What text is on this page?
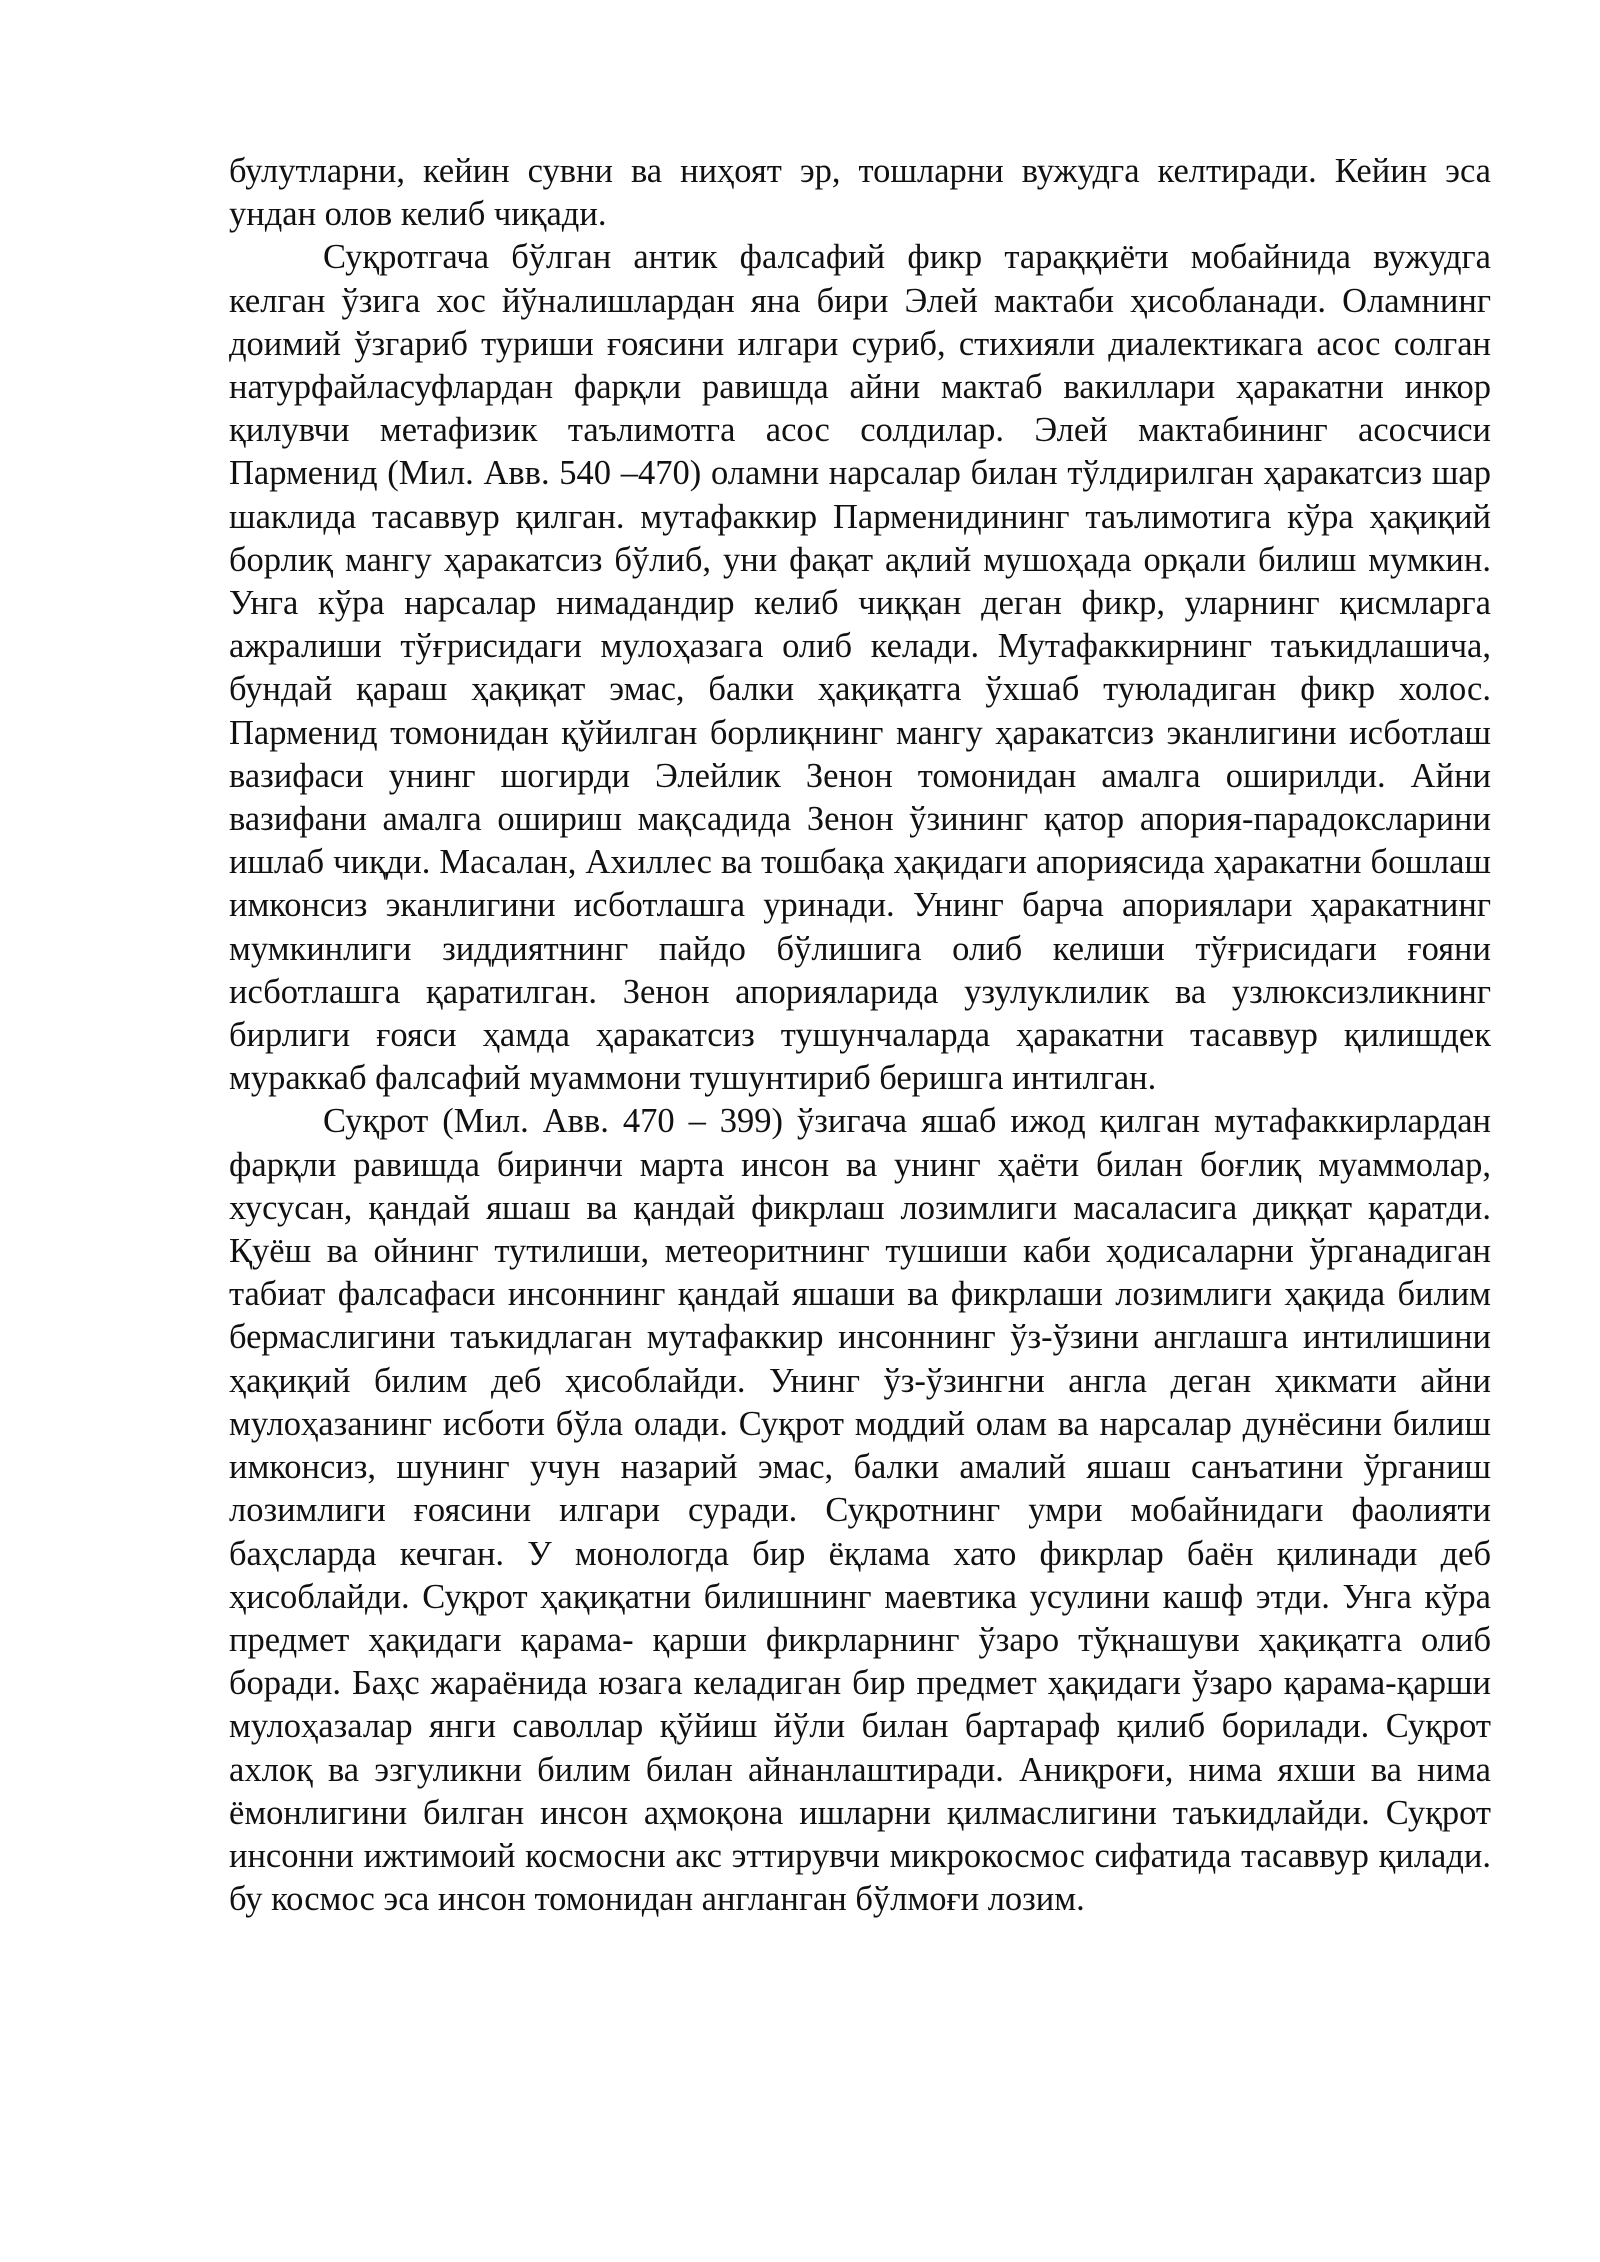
булутларни, кейин сувни ва ниҳоят эр, тошларни вужудга келтиради. Кейин эса ундан олов келиб чиқади.

Суқротгача бўлган антик фалсафий фикр тараққиёти мобайнида вужудга келган ўзига хос йўналишлардан яна бири Элей мактаби ҳисобланади. Оламнинг доимий ўзгариб туриши ғоясини илгари суриб, стихияли диалектикага асос солган натурфайласуфлардан фарқли равишда айни мактаб вакиллари ҳаракатни инкор қилувчи метафизик таълимотга асос солдилар. Элей мактабининг асосчиси Парменид (Мил. Авв. 540 –470) оламни нарсалар билан тўлдирилган ҳаракатсиз шар шаклида тасаввур қилган. мутафаккир Парменидининг таълимотига кўра ҳақиқий борлиқ мангу ҳаракатсиз бўлиб, уни фақат ақлий мушоҳада орқали билиш мумкин. Унга кўра нарсалар нимадандир келиб чиққан деган фикр, уларнинг қисмларга ажралиши тўғрисидаги мулоҳазага олиб келади. Мутафаккирнинг таъкидлашича, бундай қараш ҳақиқат эмас, балки ҳақиқатга ўхшаб туюладиган фикр холос. Парменид томонидан қўйилган борлиқнинг мангу ҳаракатсиз эканлигини исботлаш вазифаси унинг шогирди Элейлик Зенон томонидан амалга оширилди. Айни вазифани амалга ошириш мақсадида Зенон ўзининг қатор апория-парадоксларини ишлаб чиқди. Масалан, Ахиллес ва тошбақа ҳақидаги апориясида ҳаракатни бошлаш имконсиз эканлигини исботлашга уринади. Унинг барча апориялари ҳаракатнинг мумкинлиги зиддиятнинг пайдо бўлишига олиб келиши тўғрисидаги ғояни исботлашга қаратилган. Зенон апорияларида узулуклилик ва узлюксизликнинг бирлиги ғояси ҳамда ҳаракатсиз тушунчаларда ҳаракатни тасаввур қилишдек мураккаб фалсафий муаммони тушунтириб беришга интилган.

Суқрот (Мил. Авв. 470 – 399) ўзигача яшаб ижод қилган мутафаккирлардан фарқли равишда биринчи марта инсон ва унинг ҳаёти билан боғлиқ муаммолар, хусусан, қандай яшаш ва қандай фикрлаш лозимлиги масаласига диққат қаратди. Қуёш ва ойнинг тутилиши, метеоритнинг тушиши каби ҳодисаларни ўрганадиган табиат фалсафаси инсоннинг қандай яшаши ва фикрлаши лозимлиги ҳақида билим бермаслигини таъкидлаган мутафаккир инсоннинг ўз-ўзини англашга интилишини ҳақиқий билим деб ҳисоблайди. Унинг ўз-ўзингни англа деган ҳикмати айни мулоҳазанинг исботи бўла олади. Суқрот моддий олам ва нарсалар дунёсини билиш имконсиз, шунинг учун назарий эмас, балки амалий яшаш санъатини ўрганиш лозимлиги ғоясини илгари суради. Суқротнинг умри мобайнидаги фаолияти баҳсларда кечган. У монологда бир ёқлама хато фикрлар баён қилинади деб ҳисоблайди. Суқрот ҳақиқатни билишнинг маевтика усулини кашф этди. Унга кўра предмет ҳақидаги қарама- қарши фикрларнинг ўзаро тўқнашуви ҳақиқатга олиб боради. Баҳс жараёнида юзага келадиган бир предмет ҳақидаги ўзаро қарама-қарши мулоҳазалар янги саволлар қўйиш йўли билан бартараф қилиб борилади. Суқрот ахлоқ ва эзгуликни билим билан айнанлаштиради. Аниқроғи, нима яхши ва нима ёмонлигини билган инсон аҳмоқона ишларни қилмаслигини таъкидлайди. Суқрот инсонни ижтимоий космосни акс эттирувчи микрокосмос сифатида тасаввур қилади. бу космос эса инсон томонидан англанган бўлмоғи лозим.
